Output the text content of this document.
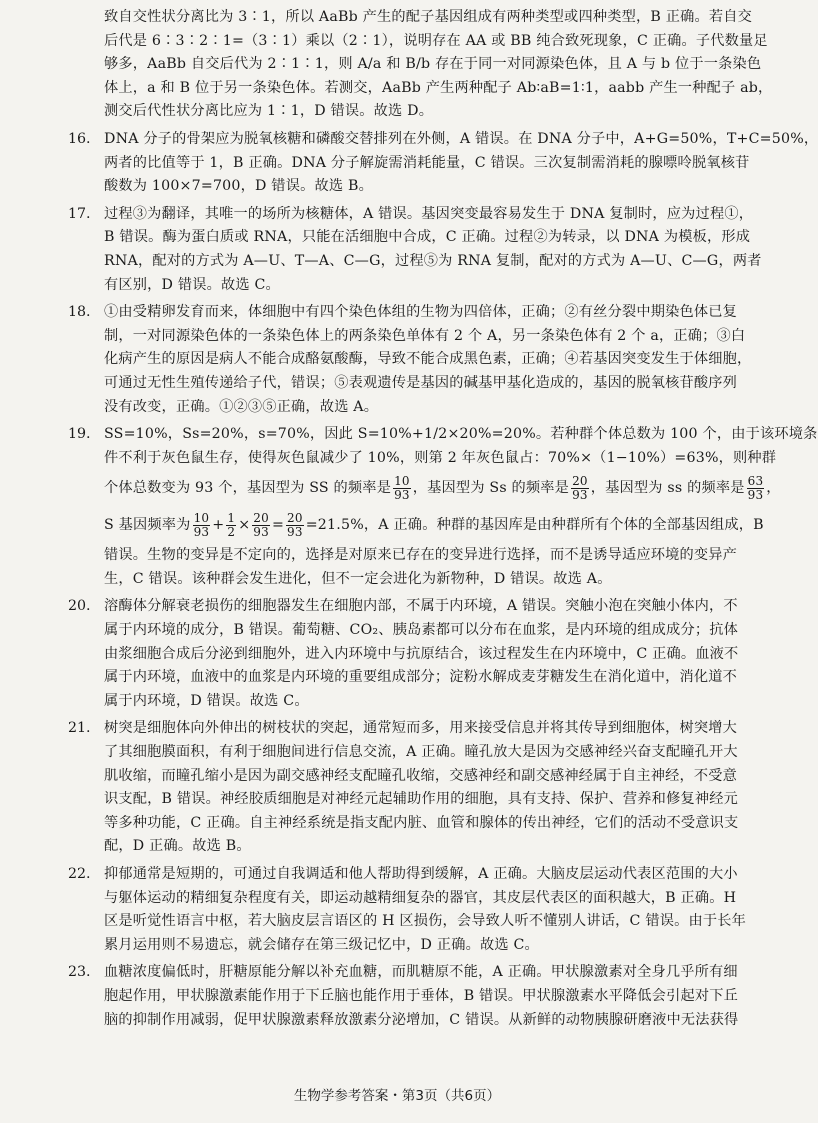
致自交性状分离比为 3∶1，所以 AaBb 产生的配子基因组成有两种类型或四种类型，B 正确。若自交
后代是 6∶3∶2∶1=（3∶1）乘以（2∶1），说明存在 AA 或 BB 纯合致死现象，C 正确。子代数量足
够多，AaBb 自交后代为 2∶1∶1，则 A/a 和 B/b 存在于同一对同源染色体，且 A 与 b 位于一条染色
体上，a 和 B 位于另一条染色体。若测交，AaBb 产生两种配子 Ab∶aB=1∶1，aabb 产生一种配子 ab，
测交后代性状分离比应为 1∶1，D 错误。故选 D。
16. DNA 分子的骨架应为脱氧核糖和磷酸交替排列在外侧，A 错误。在 DNA 分子中，A+G=50%，T+C=50%，
两者的比值等于 1，B 正确。DNA 分子解旋需消耗能量，C 错误。三次复制需消耗的腺嘌呤脱氧核苷
酸数为 100×7=700，D 错误。故选 B。
17. 过程③为翻译，其唯一的场所为核糖体，A 错误。基因突变最容易发生于 DNA 复制时，应为过程①，
B 错误。酶为蛋白质或 RNA，只能在活细胞中合成，C 正确。过程②为转录，以 DNA 为模板，形成
RNA，配对的方式为 A—U、T—A、C—G，过程⑤为 RNA 复制，配对的方式为 A—U、C—G，两者
有区别，D 错误。故选 C。
18. ①由受精卵发育而来，体细胞中有四个染色体组的生物为四倍体，正确；②有丝分裂中期染色体已复
制，一对同源染色体的一条染色体上的两条染色单体有 2 个 A，另一条染色体有 2 个 a，正确；③白
化病产生的原因是病人不能合成酪氨酸酶，导致不能合成黑色素，正确；④若基因突变发生于体细胞，
可通过无性生殖传递给子代，错误；⑤表观遗传是基因的碱基甲基化造成的，基因的脱氧核苷酸序列
没有改变，正确。①②③⑤正确，故选 A。
19. SS=10%，Ss=20%，s=70%，因此 S=10%+1/2×20%=20%。若种群个体总数为 100 个，由于该环境条
件不利于灰色鼠生存，使得灰色鼠减少了 10%，则第 2 年灰色鼠占：70%×（1−10%）=63%，则种群
个体总数变为 93 个，基因型为 SS 的频率是 $\frac{10}{93}$ ，基因型为 Ss 的频率是 $\frac{20}{93}$ ，基因型为 ss 的频率是 $\frac{63}{93}$ ，
S 基因频率为 $\frac{10}{93} + \frac{1}{2} \times \frac{20}{93} = \frac{20}{93} =21.5\%$，A 正确。种群的基因库是由种群所有个体的全部基因组成，B
错误。生物的变异是不定向的，选择是对原来已存在的变异进行选择，而不是诱导适应环境的变异产
生，C 错误。该种群会发生进化，但不一定会进化为新物种，D 错误。故选 A。
20. 溶酶体分解衰老损伤的细胞器发生在细胞内部，不属于内环境，A 错误。突触小泡在突触小体内，不
属于内环境的成分，B 错误。葡萄糖、CO₂、胰岛素都可以分布在血浆，是内环境的组成成分；抗体
由浆细胞合成后分泌到细胞外，进入内环境中与抗原结合，该过程发生在内环境中，C 正确。血液不
属于内环境，血液中的血浆是内环境的重要组成部分；淀粉水解成麦芽糖发生在消化道中，消化道不
属于内环境，D 错误。故选 C。
21. 树突是细胞体向外伸出的树枝状的突起，通常短而多，用来接受信息并将其传导到细胞体，树突增大
了其细胞膜面积，有利于细胞间进行信息交流，A 正确。瞳孔放大是因为交感神经兴奋支配瞳孔开大
肌收缩，而瞳孔缩小是因为副交感神经支配瞳孔收缩，交感神经和副交感神经属于自主神经，不受意
识支配，B 错误。神经胶质细胞是对神经元起辅助作用的细胞，具有支持、保护、营养和修复神经元
等多种功能，C 正确。自主神经系统是指支配内脏、血管和腺体的传出神经，它们的活动不受意识支
配，D 正确。故选 B。
22. 抑郁通常是短期的，可通过自我调适和他人帮助得到缓解，A 正确。大脑皮层运动代表区范围的大小
与躯体运动的精细复杂程度有关，即运动越精细复杂的器官，其皮层代表区的面积越大，B 正确。H
区是听觉性语言中枢，若大脑皮层言语区的 H 区损伤，会导致人听不懂别人讲话，C 错误。由于长年
累月运用则不易遗忘，就会储存在第三级记忆中，D 正确。故选 C。
23. 血糖浓度偏低时，肝糖原能分解以补充血糖，而肌糖原不能，A 正确。甲状腺激素对全身几乎所有细
胞起作用，甲状腺激素能作用于下丘脑也能作用于垂体，B 错误。甲状腺激素水平降低会引起对下丘
脑的抑制作用减弱，促甲状腺激素释放激素分泌增加，C 错误。从新鲜的动物胰腺研磨液中无法获得
生物学参考答案・第3页（共6页）
